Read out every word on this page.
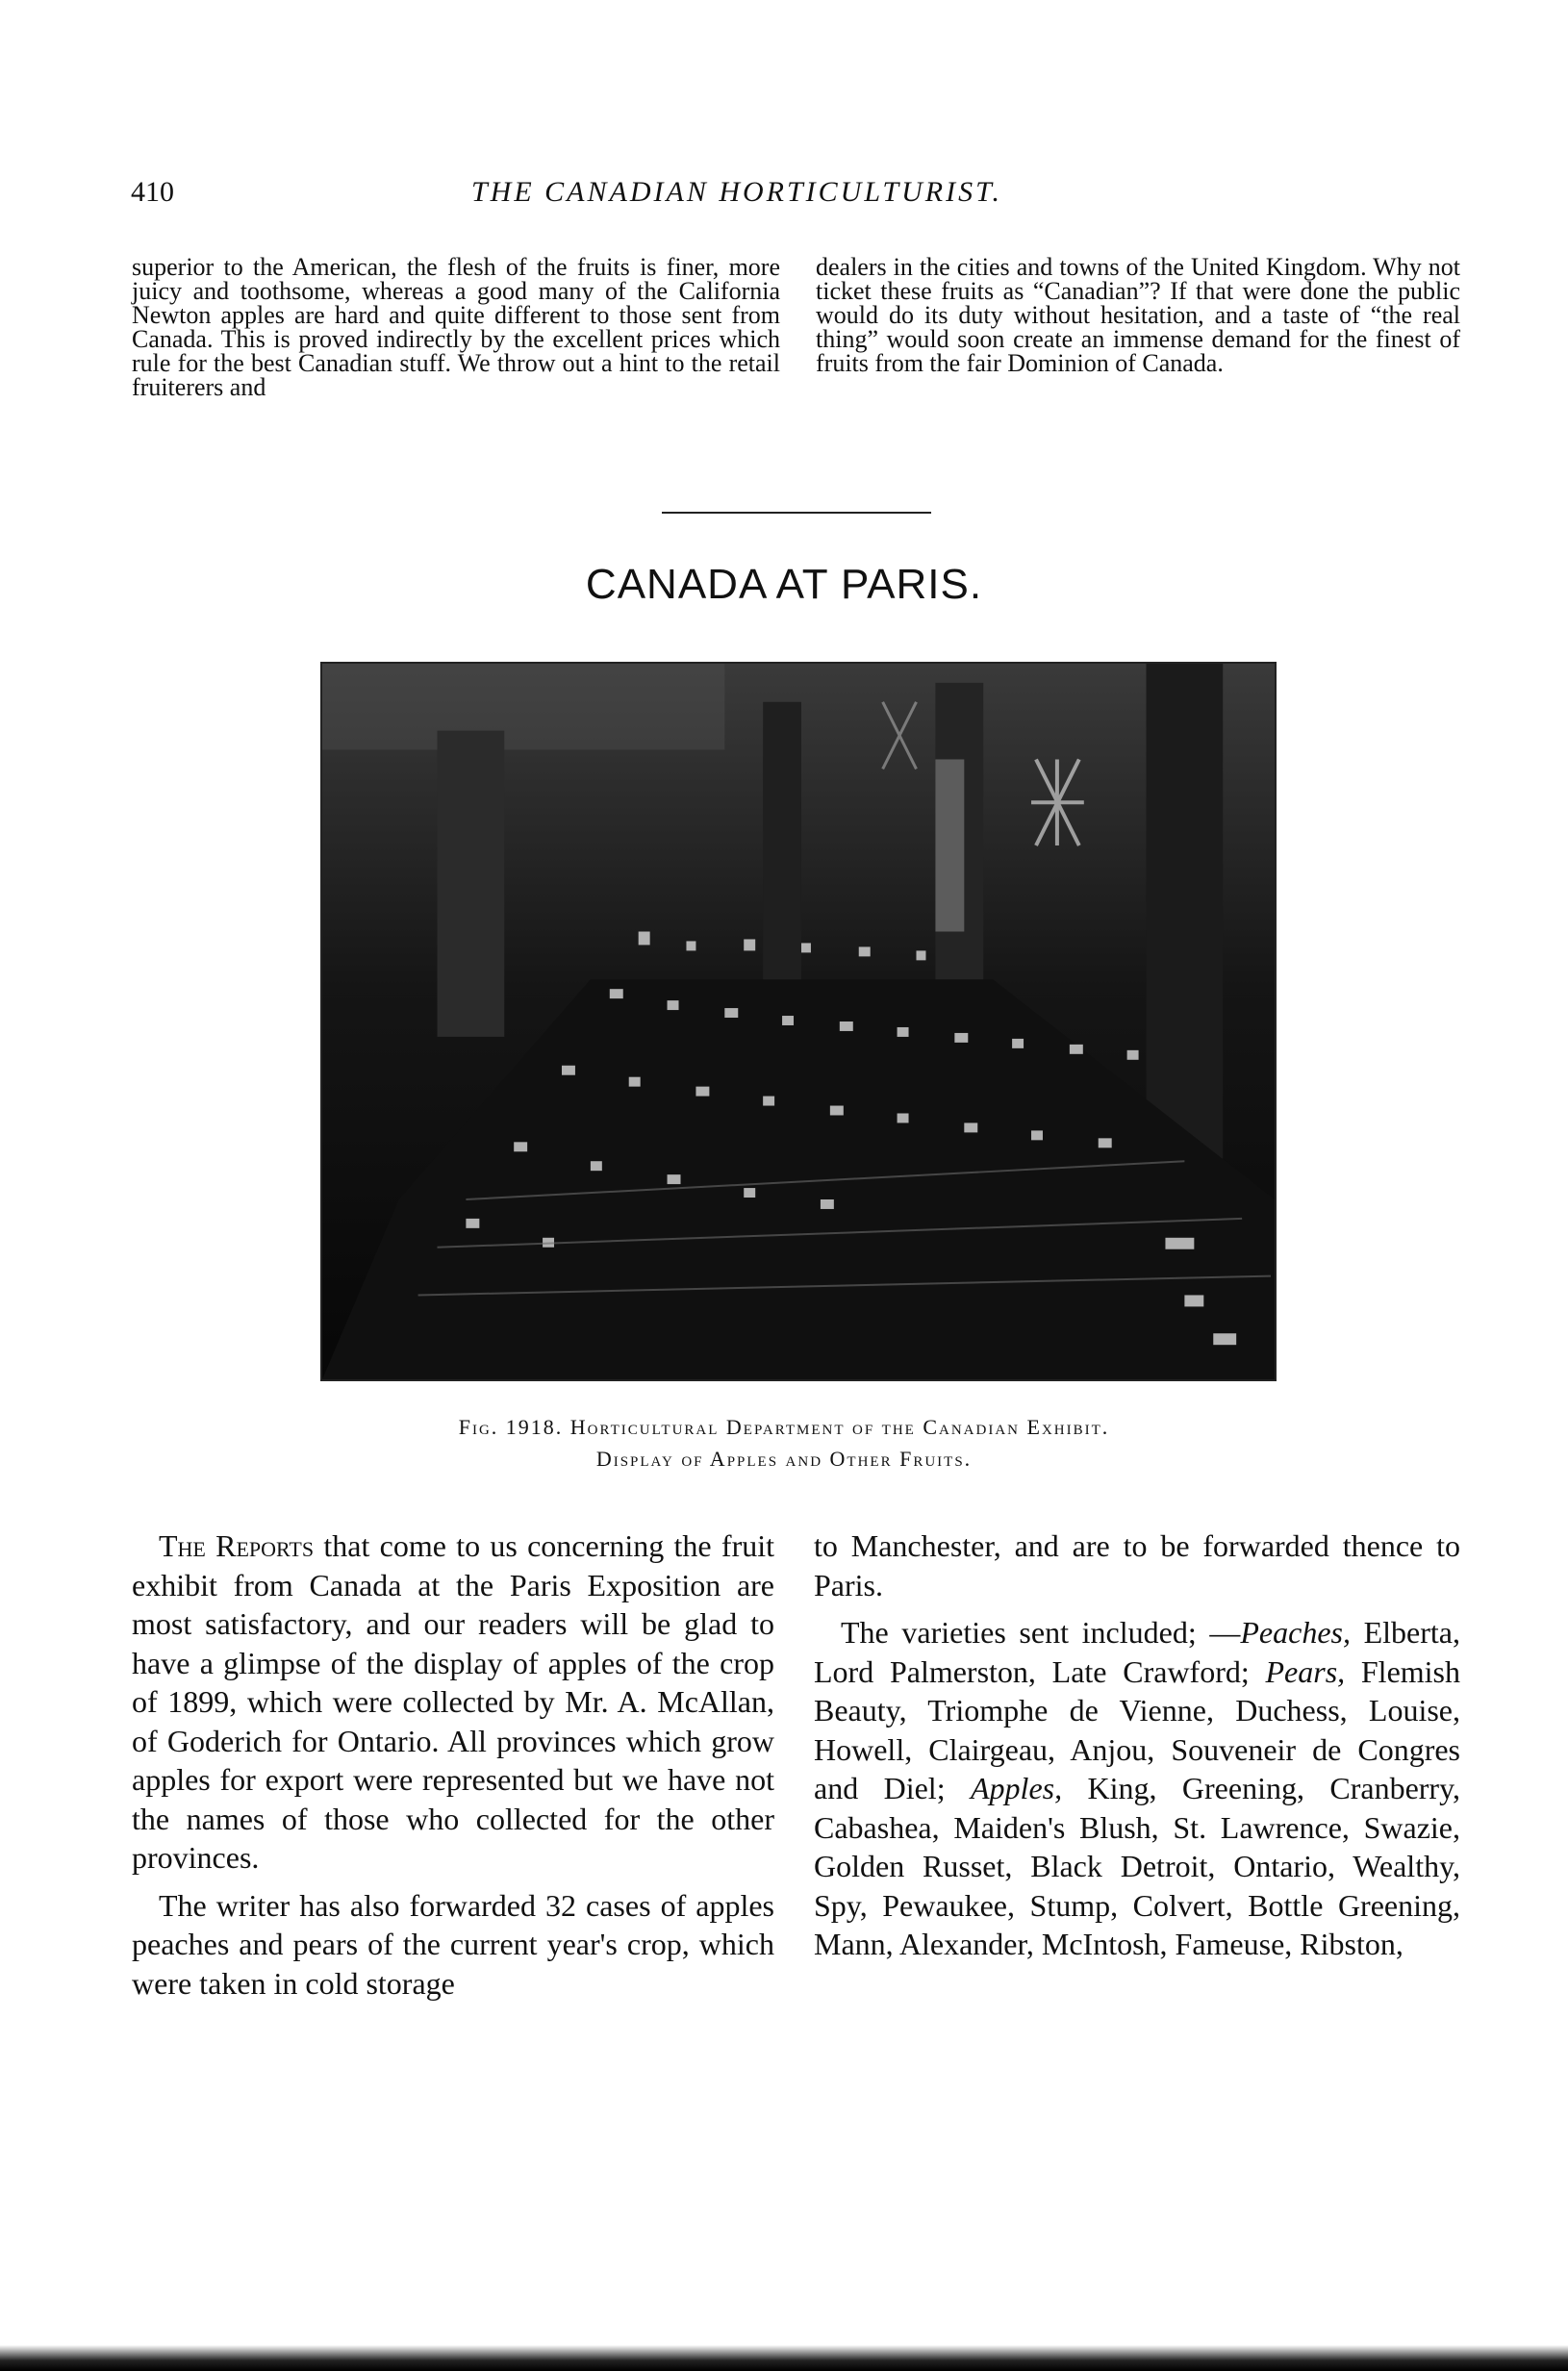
410	THE CANADIAN HORTICULTURIST.

superior to the American, the flesh of the fruits is finer, more juicy and toothsome, whereas a good many of the California Newton apples are hard and quite different to those sent from Canada. This is proved indirectly by the excellent prices which rule for the best Canadian stuff. We throw out a hint to the retail fruiterers and

dealers in the cities and towns of the United Kingdom. Why not ticket these fruits as “Canadian”? If that were done the public would do its duty without hesitation, and a taste of “the real thing” would soon create an immense demand for the finest of fruits from the fair Dominion of Canada.

CANADA AT PARIS.
Fig. 1918. Horticultural Department of the Canadian Exhibit.
Display of Apples and Other Fruits.

The Reports that come to us concerning the fruit exhibit from Canada at the Paris Exposition are most satisfactory, and our readers will be glad to have a glimpse of the display of apples of the crop of 1899, which were collected by Mr. A. McAllan, of Goderich for Ontario. All provinces which grow apples for export were represented but we have not the names of those who collected for the other provinces.

The writer has also forwarded 32 cases of apples peaches and pears of the current year's crop, which were taken in cold storage

to Manchester, and are to be forwarded thence to Paris.

The varieties sent included; —Peaches, Elberta, Lord Palmerston, Late Crawford; Pears, Flemish Beauty, Triomphe de Vienne, Duchess, Louise, Howell, Clairgeau, Anjou, Souveneir de Congres and Diel; Apples, King, Greening, Cranberry, Cabashea, Maiden's Blush, St. Lawrence, Swazie, Golden Russet, Black Detroit, Ontario, Wealthy, Spy, Pewaukee, Stump, Colvert, Bottle Greening, Mann, Alexander, McIntosh, Fameuse, Ribston,
